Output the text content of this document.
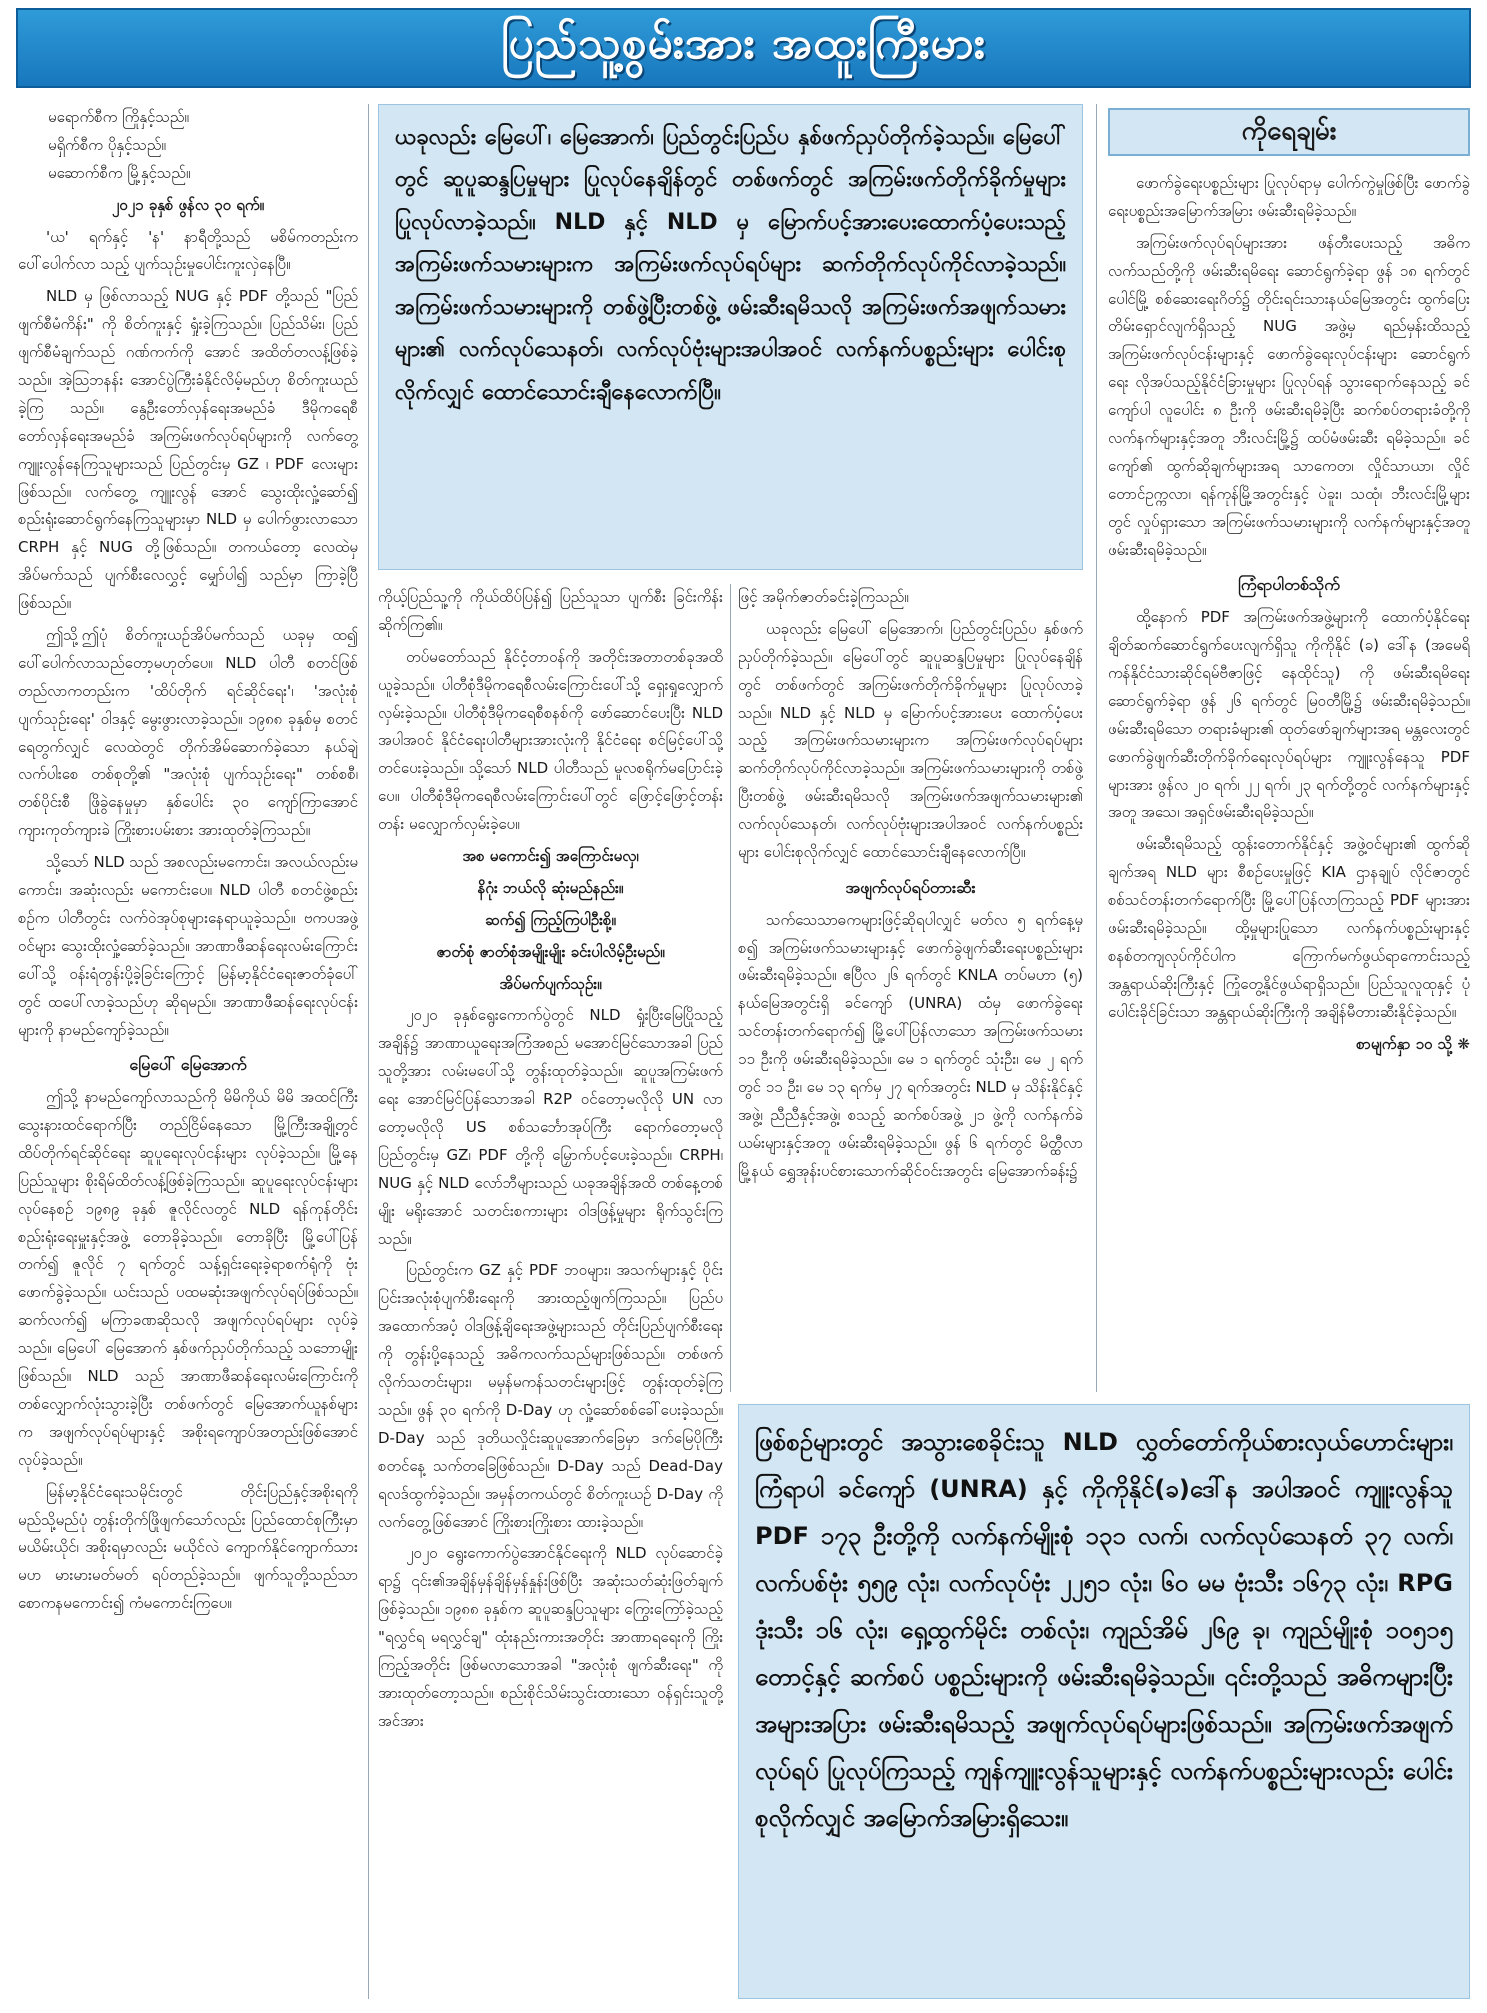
ပြည်သူ့စွမ်းအား အထူးကြီးမား

မရောက်စီက ကြိုနှင့်သည်။

မရှိက်စီက ပိုနှင့်သည်။

မဆောက်စီက မြို့နှင့်သည်။

၂၀၂၁ ခုနှစ် ဖွန်လ ၃၀ ရက်။

'ယ' ရက်နှင့် 'န' နာရီတို့သည် မစိမ်ကတည်းက ပေါ်ပေါက်လာ သည့် ပျက်သုဉ်းမှုပေါင်းကူးလှဲနေပြီ။

NLD မှ ဖြစ်လာသည့် NUG နှင့် PDF တို့သည် "ပြည်ဖျက်စီမံကိန်း" ကို စိတ်ကူးနှင့် ရှုံးခဲ့ကြသည်။ ပြည်သိမ်း၊ ပြည်ဖျက်စီမံချက်သည် ဂဏ်ကက်ကို အောင် အထိတ်တလန့်ဖြစ်ခဲ့သည်။ အဲ့ဩဘနန်း အောင်ပွဲကြီးခံနိုင်လိမ့်မည်ဟု စိတ်ကူးယည်ခဲ့ကြ သည်။ နွေဦးတော်လှန်ရေးအမည်ခံ ဒီမိုကရေစီတော်လှန်ရေးအမည်ခံ အကြမ်းဖက်လုပ်ရပ်များကို လက်တွေ့ ကျူးလွန်နေကြသူများသည် ပြည်တွင်းမှ GZ ၊ PDF လေးများဖြစ်သည်။ လက်တွေ့ ကျူးလွန် အောင် သွေးထိုးလှုံ့ဆော်၍ စည်းရုံးဆောင်ရွက်နေကြသူများမှာ NLD မှ ပေါက်ဖွားလာသော CRPH နှင့် NUG တို့ဖြစ်သည်။ တကယ်တော့ လေထဲမှ အိပ်မက်သည် ပျက်စီးလေလွှင့် မျှော်ပါ၍ သည်မှာ ကြာခဲ့ပြီဖြစ်သည်။

ဤသို့ဤပုံ စိတ်ကူးယဉ်အိပ်မက်သည် ယခုမှ ထ၍ ပေါ်ပေါက်လာသည်တော့မဟုတ်ပေ။ NLD ပါတီ စတင်ဖြစ်တည်လာကတည်းက 'ထိပ်တိုက် ရင်ဆိုင်ရေး'၊ 'အလုံးစုံပျက်သုဉ်းရေး' ဝါဒနှင့် မွေးဖွားလာခဲ့သည်။ ၁၉၈၈ ခုနှစ်မှ စတင်ရေတွက်လျှင် လေထဲတွင် တိုက်အိမ်ဆောက်ခဲ့သော နယ်ချဲ့ လက်ပါးစေ တစ်စုတို့၏ "အလုံးစုံ ပျက်သုဉ်းရေး" တစ်စစီ၊ တစ်ပိုင်းစီ ဖြိုခွဲနေမှုမှာ နှစ်ပေါင်း ၃၀ ကျော်ကြာအောင် ကျားကုတ်ကျားခဲ ကြိုးစားပမ်းစား အားထုတ်ခဲ့ကြသည်။

သို့သော် NLD သည် အစလည်းမကောင်း၊ အလယ်လည်းမကောင်း၊ အဆုံးလည်း မကောင်းပေ။ NLD ပါတီ စတင်ဖွဲ့စည်းစဉ်က ပါတီတွင်း လက်ဝဲအုပ်စုများနေရာယူခဲ့သည်။ ဗကပအဖွဲ့ဝင်များ သွေးထိုးလှုံ့ဆော်ခဲ့သည်။ အာဏာဖီဆန်ရေးလမ်းကြောင်းပေါ်သို့ ဝန်းရံတွန်းပို့ခဲ့ခြင်းကြောင့် မြန်မာ့နိုင်ငံရေးဇာတ်ခုံပေါ်တွင် ထပေါ်လာခဲ့သည်ဟု ဆိုရမည်။ အာဏာဖီဆန်ရေးလုပ်ငန်းများကို နာမည်ကျော်ခဲ့သည်။

မြေပေါ် မြေအောက်

ဤသို့ နာမည်ကျော်လာသည်ကို မိမိကိုယ် မိမိ အထင်ကြီး သွေးနားထင်ရောက်ပြီး တည်ငြိမ်နေသော မြို့ကြီးအချို့တွင် ထိပ်တိုက်ရင်ဆိုင်ရေး ဆူပူရေးလုပ်ငန်းများ လုပ်ခဲ့သည်။ မြို့နေပြည်သူများ စိုးရိမ်ထိတ်လန့်ဖြစ်ခဲ့ကြသည်။ ဆူပူရေးလုပ်ငန်းများလုပ်နေစဉ် ၁၉၈၉ ခုနှစ် ဇူလိုင်လတွင် NLD ရန်ကုန်တိုင်းစည်းရုံးရေးမှူးနှင့်အဖွဲ့ တောခိုခဲ့သည်။ တောခိုပြီး မြို့ပေါ်ပြန်တက်၍ ဇူလိုင် ၇ ရက်တွင် သန့်ရှင်းရေးခဲ့ရာစက်ရုံကို ဗုံးဖောက်ခွဲခဲ့သည်။ ယင်းသည် ပထမဆုံးအဖျက်လုပ်ရပ်ဖြစ်သည်။ ဆက်လက်၍ မကြာခဏဆိုသလို အဖျက်လုပ်ရပ်များ လုပ်ခဲ့သည်။ မြေပေါ် မြေအောက် နှစ်ဖက်ညှပ်တိုက်သည့် သဘောမျိုးဖြစ်သည်။ NLD သည် အာဏာဖီဆန်ရေးလမ်းကြောင်းကို တစ်လျှောက်လုံးသွားခဲ့ပြီး တစ်ဖက်တွင် မြေအောက်ယူနစ်များက အဖျက်လုပ်ရပ်များနှင့် အစိုးရကျောပ်အတည်းဖြစ်အောင် လုပ်ခဲ့သည်။

မြန်မာ့နိုင်ငံရေးသမိုင်းတွင် တိုင်းပြည်နှင့်အစိုးရကို မည်သို့မည်ပုံ တွန်းတိုက်ဖြိုဖျက်သော်လည်း ပြည်ထောင်စုကြီးမှာ မယိမ်းယိုင်၊ အစိုးရမှာလည်း မယိုင်လဲ ကျောက်နိုင်ကျောက်သားမပာ မားမားမတ်မတ် ရပ်တည်ခဲ့သည်။ ဖျက်သူတို့သည်သာ စောကနမကောင်း၍ ကံမကောင်းကြပေ။

ယခုလည်း မြေပေါ်၊ မြေအောက်၊ ပြည်တွင်းပြည်ပ နှစ်ဖက်ညှပ်တိုက်ခဲ့သည်။ မြေပေါ်တွင် ဆူပူဆန္ဒပြမှုများ ပြုလုပ်နေချိန်တွင် တစ်ဖက်တွင် အကြမ်းဖက်တိုက်ခိုက်မှုများ ပြုလုပ်လာခဲ့သည်။ NLD နှင့် NLD မှ မြောက်ပင့်အားပေးထောက်ပံ့ပေးသည့် အကြမ်းဖက်သမားများက အကြမ်းဖက်လုပ်ရပ်များ ဆက်တိုက်လုပ်ကိုင်လာခဲ့သည်။ အကြမ်းဖက်သမားများကို တစ်ဖွဲ့ပြီးတစ်ဖွဲ့ ဖမ်းဆီးရမိသလို အကြမ်းဖက်အဖျက်သမားများ၏ လက်လုပ်သေနတ်၊ လက်လုပ်ဗုံးများအပါအဝင် လက်နက်ပစ္စည်းများ ပေါင်းစုလိုက်လျှင် ထောင်သောင်းချီနေလောက်ပြီ။

ကိုယ့်ပြည်သူ့ကို ကိုယ်ထိပ်ပြန်၍ ပြည်သူသာ ပျက်စီး ခြင်းကိန်း ဆိုက်ကြ၏။

တပ်မတော်သည် နိုင်ငံ့တာဝန်ကို အတိုင်းအတာတစ်ခုအထိ ယူခဲ့သည်။ ပါတီစုံဒီမိုကရေစီလမ်းကြောင်းပေါ်သို့ ရှေးရှုလျှောက်လှမ်းခဲ့သည်။ ပါတီစုံဒီမိုကရေစီစနစ်ကို ဖော်ဆောင်ပေးပြီး NLD အပါအဝင် နိုင်ငံရေးပါတီများအားလုံးကို နိုင်ငံရေး စင်မြင့်ပေါ်သို့ တင်ပေးခဲ့သည်။ သို့သော် NLD ပါတီသည် မူလစရိုက်မပြောင်းခဲ့ပေ။ ပါတီစုံဒီမိုကရေစီလမ်းကြောင်းပေါ်တွင် ဖြောင့်ဖြောင့်တန်းတန်း မလျှောက်လှမ်းခဲ့ပေ။

အစ မကောင်း၍ အကြောင်းမလှ၊

နိဂုံး ဘယ်လို ဆုံးမည်နည်း။

ဆက်၍ ကြည့်ကြပါဦးစို့။

ဇာတ်စုံ ဇာတ်စုံအမျိုးမျိုး ခင်းပါလိမ့်ဦးမည်။

အိပ်မက်ပျက်သုဉ်း။

၂၀၂၀ ခုနှစ်ရွေးကောက်ပွဲတွင် NLD ရှုံးပြီးမြေပြိုသည့်အချိန်၌ အာဏာယူရေးအကြံအစည် မအောင်မြင်သောအခါ ပြည်သူတို့အား လမ်းမပေါ်သို့ တွန်းထုတ်ခဲ့သည်။ ဆူပူအကြမ်းဖက်ရေး အောင်မြင်ပြန်သောအခါ R2P ဝင်တော့မလိုလို UN လာတော့မလိုလို US စစ်သင်္ဘောအုပ်ကြီး ရောက်တော့မလို ပြည်တွင်းမှ GZ၊ PDF တို့ကို မြှောက်ပင့်ပေးခဲ့သည်။ CRPH၊ NUG နှင့် NLD လော်ဘီများသည် ယခုအချိန်အထိ တစ်နေ့တစ်မျိုး မရိုးအောင် သတင်းစကားများ ဝါဒဖြန့်မှုများ ရိုက်သွင်းကြသည်။

ပြည်တွင်းက GZ နှင့် PDF ဘဝများ၊ အသက်များနှင့် ပိုင်းပြင်းအလုံးစုံပျက်စီးရေးကို အားထည့်ဖျက်ကြသည်။ ပြည်ပအထောက်အပံ့ ဝါဒဖြန့်ချိရေးအဖွဲ့များသည် တိုင်းပြည်ပျက်စီးရေးကို တွန်းပို့နေသည့် အဓိကလက်သည်များဖြစ်သည်။ တစ်ဖက်လိုက်သတင်းများ၊ မမှန်မကန်သတင်းများဖြင့် တွန်းထုတ်ခဲ့ကြသည်။ ဖွန် ၃၀ ရက်ကို D-Day ဟု လှုံ့ဆော်စစ်ခေါ်ပေးခဲ့သည်။ D-Day သည် ဒုတိယလှိုင်းဆူပူအောက်ခြေမှာ ဒက်မြေပိုကြီးစတင်နေ့ သက်တခြေဖြစ်သည်။ D-Day သည် Dead-Day ရလဒ်ထွက်ခဲ့သည်။ အမှန်တကယ်တွင် စိတ်ကူးယဉ် D-Day ကို လက်တွေ့ဖြစ်အောင် ကြိုးစားကြိုးစား ထားခဲ့သည်။

၂၀၂၀ ရွေးကောက်ပွဲအောင်နိုင်ရေးကို NLD လုပ်ဆောင်ခဲ့ရာ၌ ၎င်း၏အချိန်မှန်ချိန်မှန်နှုန်းဖြစ်ပြီး အဆုံးသတ်ဆုံးဖြတ်ချက် ဖြစ်ခဲ့သည်။ ၁၉၈၈ ခုနှစ်က ဆူပူဆန္ဒပြသူများ ကြွေးကြော်ခဲ့သည့် "ရလွှင်ရ မရလွှင်ချ" ထုံးနည်းကားအတိုင်း အာဏာရရေးကို ကြိုးကြည့်အတိုင်း ဖြစ်မလာသောအခါ "အလုံးစုံ ဖျက်ဆီးရေး" ကို အားထုတ်တော့သည်။ စည်းစိုင်သိမ်းသွင်းထားသော ဝန်ရှင်းသူတို့အင်အား

ဖြင့် အမိုက်ဇာတ်ခင်းခဲ့ကြသည်။

ယခုလည်း မြေပေါ် မြေအောက်၊ ပြည်တွင်းပြည်ပ နှစ်ဖက်ညှပ်တိုက်ခဲ့သည်။ မြေပေါ်တွင် ဆူပူဆန္ဒပြမှုများ ပြုလုပ်နေချိန်တွင် တစ်ဖက်တွင် အကြမ်းဖက်တိုက်ခိုက်မှုများ ပြုလုပ်လာခဲ့သည်။ NLD နှင့် NLD မှ မြောက်ပင့်အားပေး ထောက်ပံ့ပေးသည့် အကြမ်းဖက်သမားများက အကြမ်းဖက်လုပ်ရပ်များ ဆက်တိုက်လုပ်ကိုင်လာခဲ့သည်။ အကြမ်းဖက်သမားများကို တစ်ဖွဲ့ပြီးတစ်ဖွဲ့ ဖမ်းဆီးရမိသလို အကြမ်းဖက်အဖျက်သမားများ၏ လက်လုပ်သေနတ်၊ လက်လုပ်ဗုံးများအပါအဝင် လက်နက်ပစ္စည်းများ ပေါင်းစုလိုက်လျှင် ထောင်သောင်းချီနေလောက်ပြီ။

အဖျက်လုပ်ရပ်တားဆီး

သက်သေသာဓကများဖြင့်ဆိုရပါလျှင် မတ်လ ၅ ရက်နေ့မှစ၍ အကြမ်းဖက်သမားများနှင့် ဖောက်ခွဲဖျက်ဆီးရေးပစ္စည်းများ ဖမ်းဆီးရမိခဲ့သည်။ ဧပြီလ ၂၆ ရက်တွင် KNLA တပ်မဟာ (၅) နယ်မြေအတွင်းရှိ ခင်ကျော် (UNRA) ထံမှ ဖောက်ခွဲရေးသင်တန်းတက်ရောက်၍ မြို့ပေါ်ပြန်လာသော အကြမ်းဖက်သမား ၁၁ ဦးကို ဖမ်းဆီးရမိခဲ့သည်။ မေ ၁ ရက်တွင် သုံးဦး၊ မေ ၂ ရက်တွင် ၁၁ ဦး၊ မေ ၁၃ ရက်မှ ၂၇ ရက်အတွင်း NLD မှ သိန်းနိုင်နှင့်အဖွဲ့၊ ညီညီနှင့်အဖွဲ့၊ စသည့် ဆက်စပ်အဖွဲ့ ၂၁ ဖွဲ့ကို လက်နက်ခဲယမ်းများနှင့်အတူ ဖမ်းဆီးရမိခဲ့သည်။ ဖွန် ၆ ရက်တွင် မိတ္ထီလာမြို့နယ် ရွှေအုန်းပင်စားသောက်ဆိုင်ဝင်းအတွင်း မြေအောက်ခန်း၌

ကိုရေချမ်း

ဖောက်ခွဲရေးပစ္စည်းများ ပြုလုပ်ရာမှ ပေါက်ကွဲမှုဖြစ်ပြီး ဖောက်ခွဲရေးပစ္စည်းအမြောက်အမြား ဖမ်းဆီးရမိခဲ့သည်။

အကြမ်းဖက်လုပ်ရပ်များအား ဖန်တီးပေးသည့် အဓိကလက်သည်တို့ကို ဖမ်းဆီးရမိရေး ဆောင်ရွက်ခဲ့ရာ ဖွန် ၁၈ ရက်တွင် ပေါင်မြို့ စစ်ဆေးရေးဂိတ်၌ တိုင်းရင်းသားနယ်မြေအတွင်း ထွက်ပြေးတိမ်းရှောင်လျက်ရှိသည့် NUG အဖွဲ့မှ ရည်မှန်းထိသည့် အကြမ်းဖက်လုပ်ငန်းများနှင့် ဖောက်ခွဲရေးလုပ်ငန်းများ ဆောင်ရွက်ရေး လိုအပ်သည့်နိုင်ငံခြားမှုများ ပြုလုပ်ရန် သွားရောက်နေသည့် ခင်ကျော်ပါ လူပေါင်း ၈ ဦးကို ဖမ်းဆီးရမိခဲ့ပြီး ဆက်စပ်တရားခံတို့ကို လက်နက်များနှင့်အတူ ဘီးလင်းမြို့၌ ထပ်မံဖမ်းဆီး ရမိခဲ့သည်။ ခင်ကျော်၏ ထွက်ဆိုချက်များအရ သာကေတ၊ လှိုင်သာယာ၊ လှိုင် တောင်ဥက္ကလာ၊ ရန်ကုန်မြို့အတွင်းနှင့် ပဲခူး၊ သထုံ၊ ဘီးလင်းမြို့များတွင် လှုပ်ရှားသော အကြမ်းဖက်သမားများကို လက်နက်များနှင့်အတူ ဖမ်းဆီးရမိခဲ့သည်။

ကြံရာပါတစ်သိုက်

ထို့နောက် PDF အကြမ်းဖက်အဖွဲ့များကို ထောက်ပံ့နိုင်ရေး ချိတ်ဆက်ဆောင်ရွက်ပေးလျက်ရှိသူ ကိုကိုနိုင် (ခ) ဒေါ်န (အမေရိကန်နိုင်ငံသားဆိုင်ရမ်ဗီဇာဖြင့် နေထိုင်သူ) ကို ဖမ်းဆီးရမိရေး ဆောင်ရွက်ခဲ့ရာ ဖွန် ၂၆ ရက်တွင် မြဝတီမြို့၌ ဖမ်းဆီးရမိခဲ့သည်။ ဖမ်းဆီးရမိသော တရားခံများ၏ ထုတ်ဖော်ချက်များအရ မန္တလေးတွင် ဖောက်ခွဲဖျက်ဆီးတိုက်ခိုက်ရေးလုပ်ရပ်များ ကျူးလွန်နေသူ PDF များအား ဖွန်လ ၂၀ ရက်၊ ၂၂ ရက်၊ ၂၃ ရက်တို့တွင် လက်နက်များနှင့်အတူ အသေ၊ အရှင်ဖမ်းဆီးရမိခဲ့သည်။

ဖမ်းဆီးရမိသည့် ထွန်းတောက်နိုင်နှင့် အဖွဲ့ဝင်များ၏ ထွက်ဆိုချက်အရ NLD များ စီစဉ်ပေးမှုဖြင့် KIA ဌာနချုပ် လိုင်ဇာတွင် စစ်သင်တန်းတက်ရောက်ပြီး မြို့ပေါ်ပြန်လာကြသည့် PDF များအား ဖမ်းဆီးရမိခဲ့သည်။ ထို့မှုများပြုသော လက်နက်ပစ္စည်းများနှင့် စနစ်တကျလုပ်ကိုင်ပါက ကြောက်မက်ဖွယ်ရာကောင်းသည့် အန္တရာယ်ဆိုးကြီးနှင့် ကြုံတွေ့နိုင်ဖွယ်ရာရှိသည်။ ပြည်သူလူထုနှင့် ပုံပေါင်းခိုင်ခြင်းသာ အန္တရာယ်ဆိုးကြီးကို အချိန်မီတားဆီးနိုင်ခဲ့သည်။

စာမျက်နှာ ၁၀ သို့ ❋

ဖြစ်စဉ်များတွင် အသွားစေခိုင်းသူ NLD လွှတ်တော်ကိုယ်စားလှယ်ဟောင်းများ၊ ကြံရာပါ ခင်ကျော် (UNRA) နှင့် ကိုကိုနိုင်(ခ)ဒေါ်န အပါအဝင် ကျူးလွန်သူ PDF ၁၇၃ ဦးတို့ကို လက်နက်မျိုးစုံ ၁၃၁ လက်၊ လက်လုပ်သေနတ် ၃၇ လက်၊ လက်ပစ်ဗုံး ၅၅၉ လုံး၊ လက်လုပ်ဗုံး ၂၂၅၁ လုံး၊ ၆၀ မမ ဗုံးသီး ၁၆၇၃ လုံး၊ RPG ဒုံးသီး ၁၆ လုံး၊ ရှေ့ထွက်မိုင်း တစ်လုံး၊ ကျည်အိမ် ၂၆၉ ခု၊ ကျည်မျိုးစုံ ၁၀၅၁၅ တောင့်နှင့် ဆက်စပ် ပစ္စည်းများကို ဖမ်းဆီးရမိခဲ့သည်။ ၎င်းတို့သည် အဓိကများပြီး အများအပြား ဖမ်းဆီးရမိသည့် အဖျက်လုပ်ရပ်များဖြစ်သည်။ အကြမ်းဖက်အဖျက်လုပ်ရပ် ပြုလုပ်ကြသည့် ကျန်ကျူးလွန်သူများနှင့် လက်နက်ပစ္စည်းများလည်း ပေါင်းစုလိုက်လျှင် အမြောက်အမြားရှိသေး။
